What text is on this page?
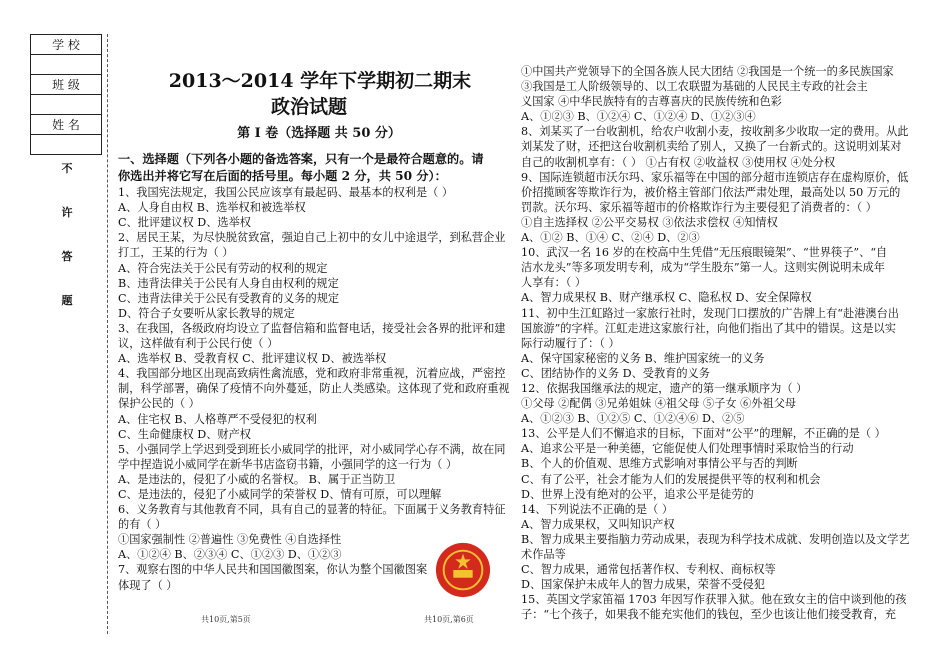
学 校

班 级

姓 名

不
许
答
题

2013～2014 学年下学期初二期末

政治试题

第 I 卷（选择题 共 50 分）

一、选择题（下列各小题的备选答案，只有一个是最符合题意的。请

你选出并将它写在后面的括号里。每小题 2 分，共 50 分）：

1、我国宪法规定，我国公民应该享有最起码、最基本的权利是（ ）

A、人身自由权 B、选举权和被选举权

C、批评建议权 D、选举权

2、居民王某，为尽快脱贫致富，强迫自己上初中的女儿中途退学，到私营企业

打工，王某的行为（ ）

A、符合宪法关于公民有劳动的权利的规定

B、违背法律关于公民有人身自由权利的规定

C、违背法律关于公民有受教育的义务的规定

D、符合子女要听从家长教导的规定

3、在我国，各级政府均设立了监督信箱和监督电话，接受社会各界的批评和建

议，这样做有利于公民行使（ ）

A、选举权 B、受教育权 C、批评建议权 D、被选举权

4、我国部分地区出现高致病性禽流感，党和政府非常重视，沉着应战，严密控

制，科学部署，确保了疫情不向外蔓延，防止人类感染。这体现了党和政府重视

保护公民的（ ）

A、住宅权 B、人格尊严不受侵犯的权利

C、生命健康权 D、财产权

5、小强同学上学迟到受到班长小威同学的批评，对小威同学心存不满，故在同

学中捏造说小威同学在新华书店盗窃书籍，小强同学的这一行为（ ）

A、是违法的，侵犯了小威的名誉权。 B、属于正当防卫

C、是违法的，侵犯了小威同学的荣誉权 D、情有可原，可以理解

6、义务教育与其他教育不同，具有自己的显著的特征。下面属于义务教育特征

的有（ ）

①国家强制性 ②普遍性 ③免费性 ④自选择性

A、①②④ B、②③④ C、①②③ D、①②③

7、观察右图的中华人民共和国国徽图案，你认为整个国徽图案

体现了（ ）

①中国共产党领导下的全国各族人民大团结 ②我国是一个统一的多民族国家

③我国是工人阶级领导的、以工农联盟为基础的人民民主专政的社会主

义国家 ④中华民族特有的吉尊喜庆的民族传统和色彩

A、①②③ B、①②④ C、①②④ D、①②③④

8、刘某买了一台收割机，给农户收割小麦，按收割多少收取一定的费用。从此

刘某发了财，还把这台收割机卖给了别人，又换了一台新式的。这说明刘某对

自己的收割机享有：（ ） ①占有权 ②收益权 ③使用权 ④处分权

9、国际连锁超市沃尔玛、家乐福等在中国的部分超市连锁店存在虚构原价，低

价招揽顾客等欺诈行为，被价格主管部门依法严肃处理，最高处以 50 万元的

罚款。沃尔玛、家乐福等超市的价格欺诈行为主要侵犯了消费者的：（ ）

①自主选择权 ②公平交易权 ③依法求偿权 ④知情权

A、①② B、①④ C、②④ D、②③

10、武汉一名 16 岁的在校高中生凭借“无压痕眼镜架”、“世界筷子”、“自

洁水龙头”等多项发明专利，成为“学生股东”第一人。这则实例说明未成年

人享有：（ ）

A、智力成果权 B、财产继承权 C、隐私权 D、安全保障权

11、初中生江虹路过一家旅行社时，发现门口摆放的广告牌上有“赴港澳台出

国旅游”的字样。江虹走进这家旅行社，向他们指出了其中的错误。这是以实

际行动履行了：（ ）

A、保守国家秘密的义务 B、维护国家统一的义务

C、团结协作的义务 D、受教育的义务

12、依据我国继承法的规定，遗产的第一继承顺序为（ ）

①父母 ②配偶 ③兄弟姐妹 ④祖父母 ⑤子女 ⑥外祖父母

A、①②③ B、①②⑤ C、①②④⑥ D、②⑤

13、公平是人们不懈追求的目标，下面对“公平”的理解，不正确的是（ ）

A、追求公平是一种美德，它能促使人们处理事情时采取恰当的行动

B、个人的价值观、思维方式影响对事情公平与否的判断

C、有了公平，社会才能为人们的发展提供平等的权利和机会

D、世界上没有绝对的公平，追求公平是徒劳的

14、下列说法不正确的是（ ）

A、智力成果权，又叫知识产权

B、智力成果主要指脑力劳动成果，表现为科学技术成就、发明创造以及文学艺

术作品等

C、智力成果，通常包括著作权、专利权、商标权等

D、国家保护未成年人的智力成果，荣誉不受侵犯

15、英国文学家笛福 1703 年因写作获罪入狱。他在致女主的信中谈到他的孩

子：“七个孩子，如果我不能充实他们的钱包，至少也该让他们接受教育，充

共10页,第5页	共10页,第6页
